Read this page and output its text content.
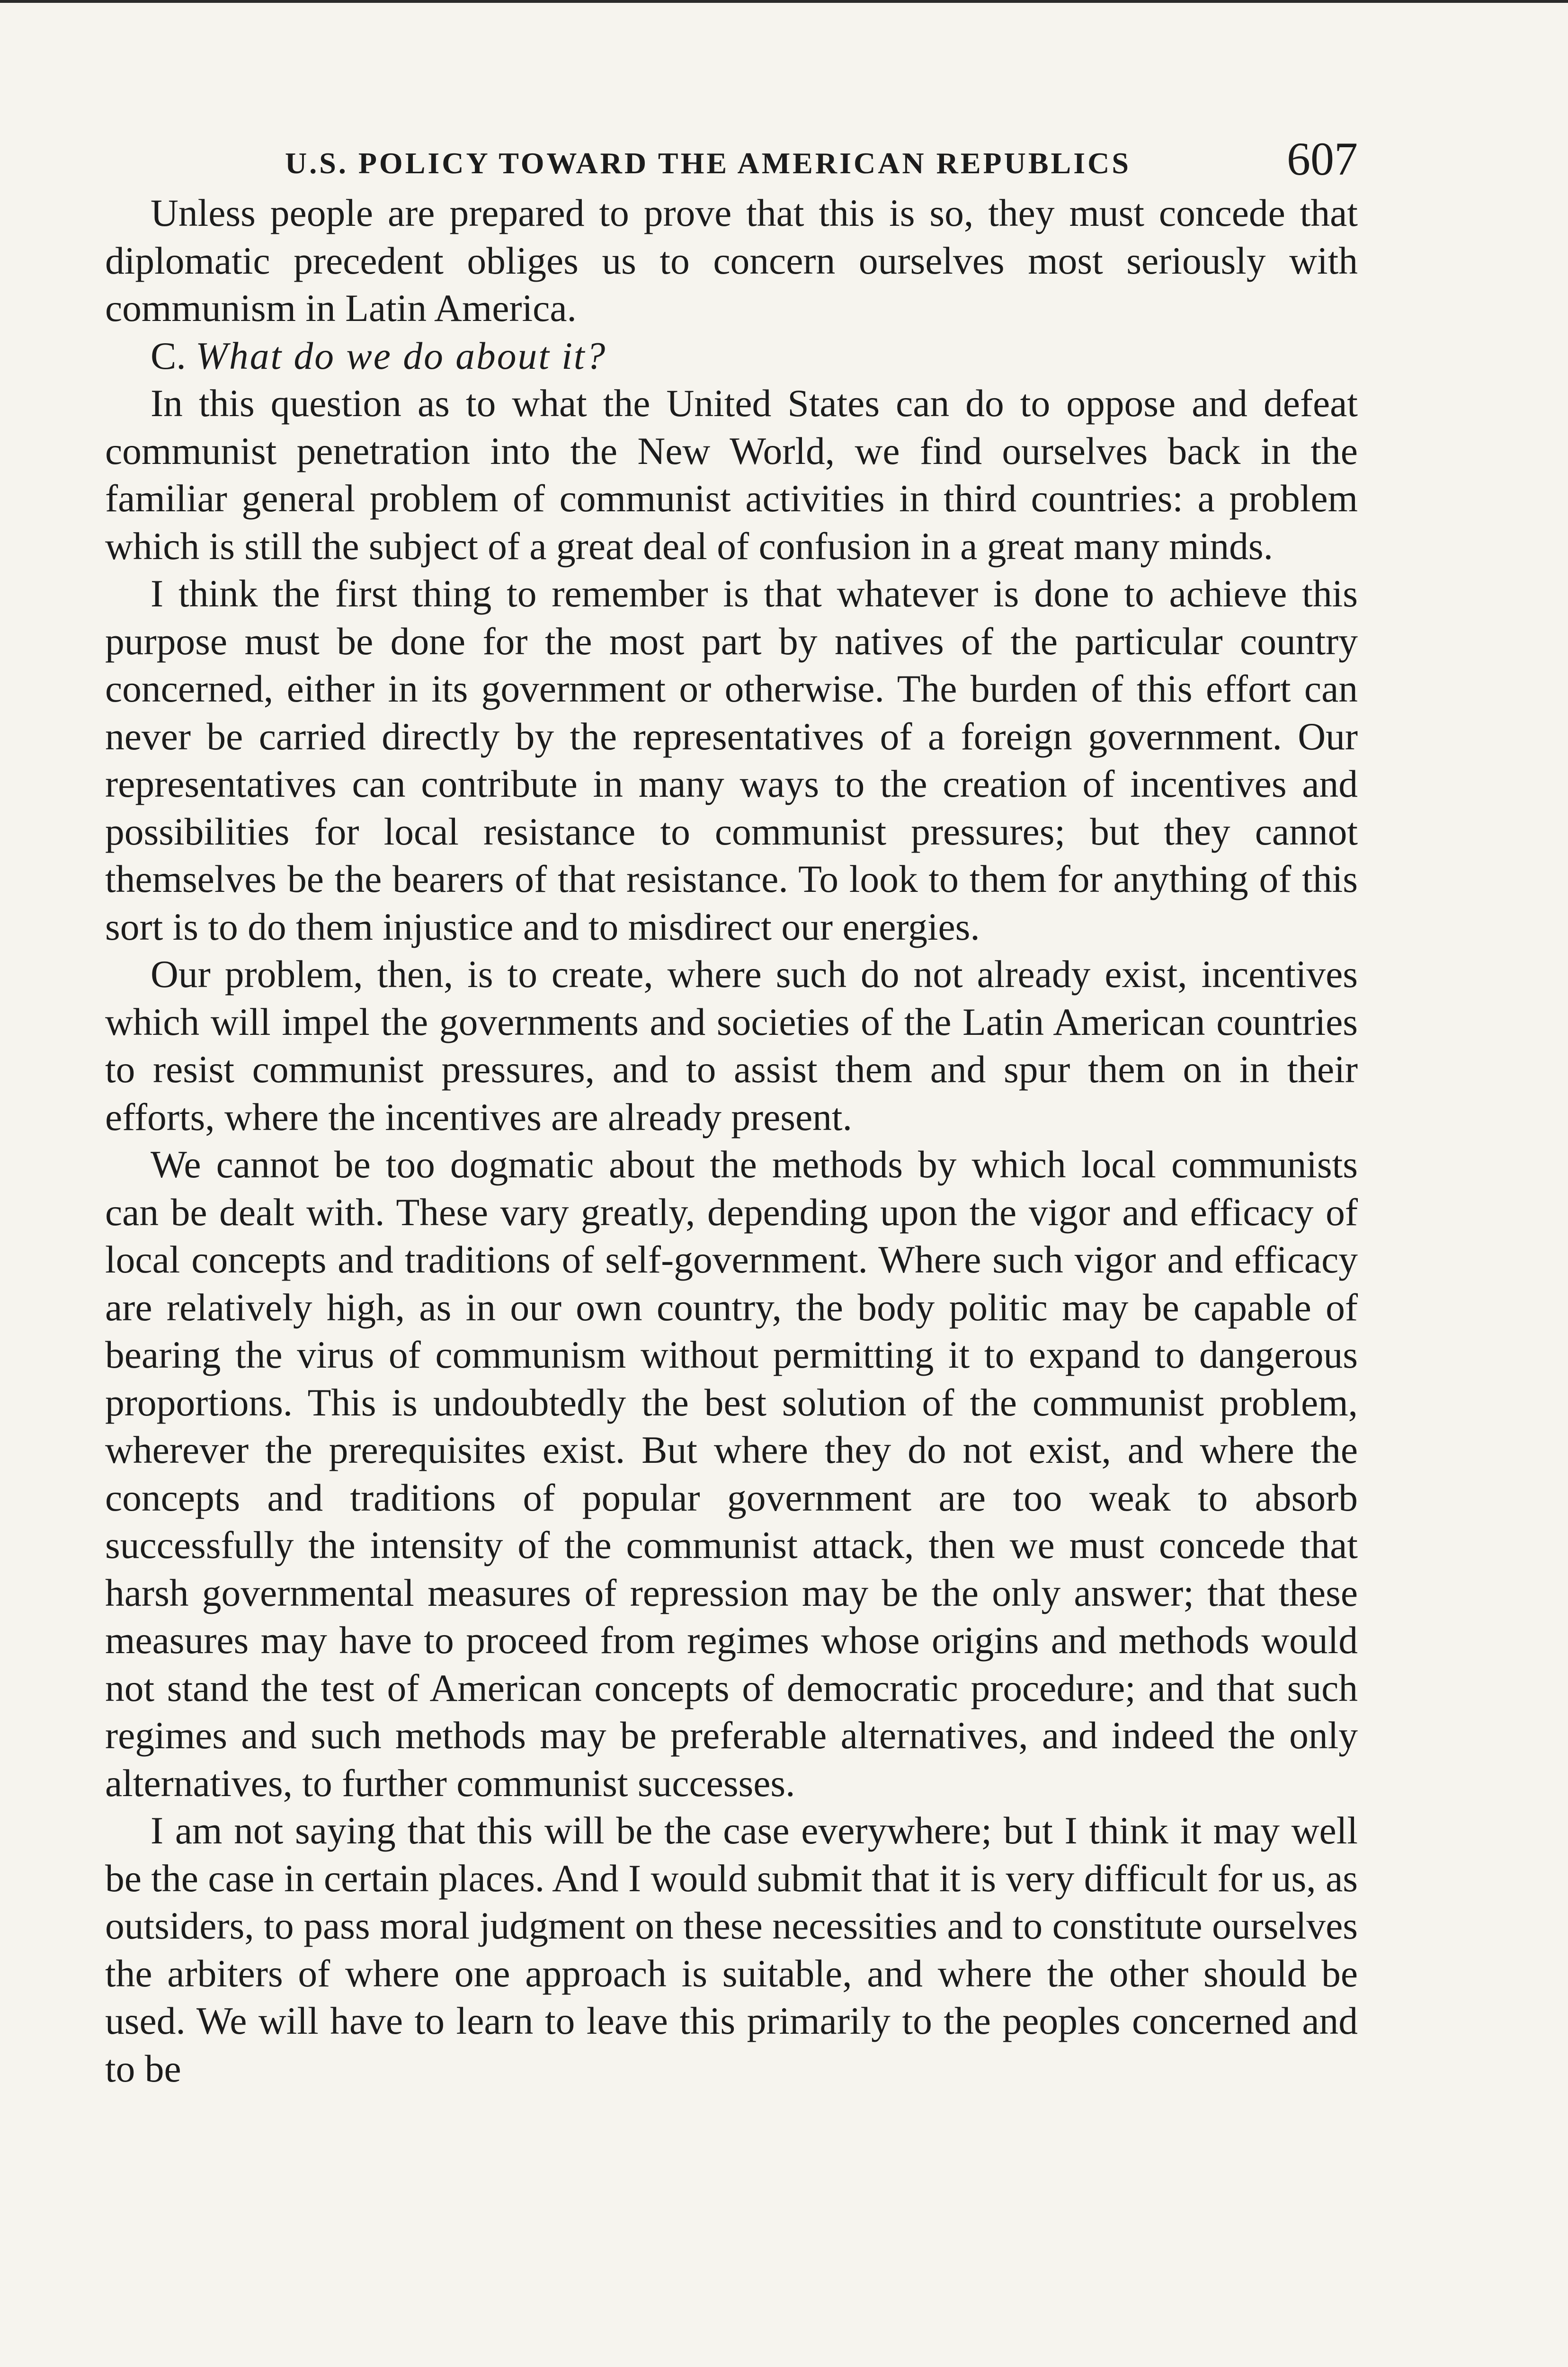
U.S. POLICY TOWARD THE AMERICAN REPUBLICS	607

Unless people are prepared to prove that this is so, they must concede that diplomatic precedent obliges us to concern ourselves most seriously with communism in Latin America.

C. What do we do about it?

In this question as to what the United States can do to oppose and defeat communist penetration into the New World, we find ourselves back in the familiar general problem of communist activities in third countries: a problem which is still the subject of a great deal of confusion in a great many minds.

I think the first thing to remember is that whatever is done to achieve this purpose must be done for the most part by natives of the particular country concerned, either in its government or otherwise. The burden of this effort can never be carried directly by the representatives of a foreign government. Our representatives can contribute in many ways to the creation of incentives and possibilities for local resistance to communist pressures; but they cannot themselves be the bearers of that resistance. To look to them for anything of this sort is to do them injustice and to misdirect our energies.

Our problem, then, is to create, where such do not already exist, incentives which will impel the governments and societies of the Latin American countries to resist communist pressures, and to assist them and spur them on in their efforts, where the incentives are already present.

We cannot be too dogmatic about the methods by which local communists can be dealt with. These vary greatly, depending upon the vigor and efficacy of local concepts and traditions of self-government. Where such vigor and efficacy are relatively high, as in our own country, the body politic may be capable of bearing the virus of communism without permitting it to expand to dangerous proportions. This is undoubtedly the best solution of the communist problem, wherever the prerequisites exist. But where they do not exist, and where the concepts and traditions of popular government are too weak to absorb successfully the intensity of the communist attack, then we must concede that harsh governmental measures of repression may be the only answer; that these measures may have to proceed from regimes whose origins and methods would not stand the test of American concepts of democratic procedure; and that such regimes and such methods may be preferable alternatives, and indeed the only alternatives, to further communist successes.

I am not saying that this will be the case everywhere; but I think it may well be the case in certain places. And I would submit that it is very difficult for us, as outsiders, to pass moral judgment on these necessities and to constitute ourselves the arbiters of where one approach is suitable, and where the other should be used. We will have to learn to leave this primarily to the peoples concerned and to be
